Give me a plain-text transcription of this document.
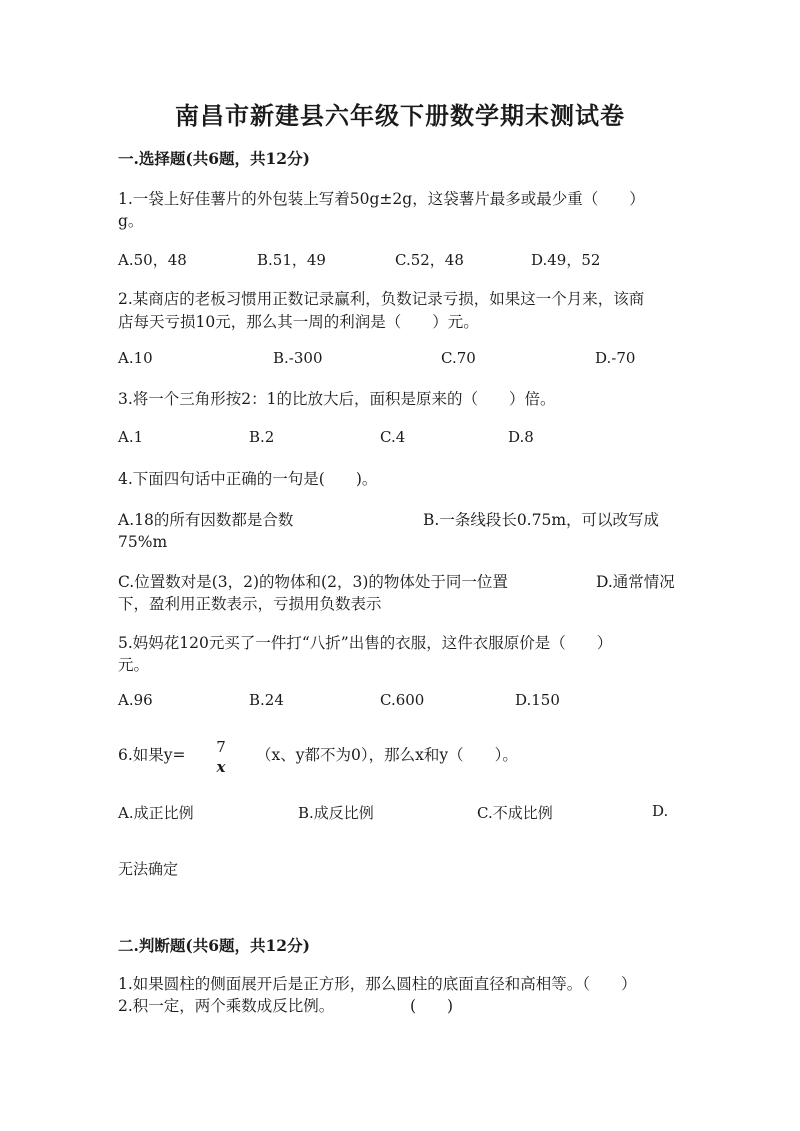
南昌市新建县六年级下册数学期末测试卷
一.选择题(共6题，共12分)
1.一袋上好佳薯片的外包装上写着50g±2g，这袋薯片最多或最少重（　　）
g。
A.50，48	B.51，49	C.52，48	D.49，52
2.某商店的老板习惯用正数记录赢利，负数记录亏损，如果这一个月来，该商
店每天亏损10元，那么其一周的利润是（　　）元。
A.10	B.-300	C.70	D.-70
3.将一个三角形按2：1的比放大后，面积是原来的（　　）倍。
A.1	B.2	C.4	D.8
4.下面四句话中正确的一句是(　　)。
A.18的所有因数都是合数	B.一条线段长0.75m，可以改写成
75%m
C.位置数对是(3，2)的物体和(2，3)的物体处于同一位置	D.通常情况
下，盈利用正数表示，亏损用负数表示
5.妈妈花120元买了一件打“八折”出售的衣服，这件衣服原价是（　　）
元。
A.96	B.24	C.600	D.150
6.如果y= 7
x
（x、y都不为0），那么x和y（　　）。
A.成正比例	B.成反比例	C.不成比例	D.
无法确定
二.判断题(共6题，共12分)
1.如果圆柱的侧面展开后是正方形，那么圆柱的底面直径和高相等。（　　）
2.积一定，两个乘数成反比例。	(　　)
